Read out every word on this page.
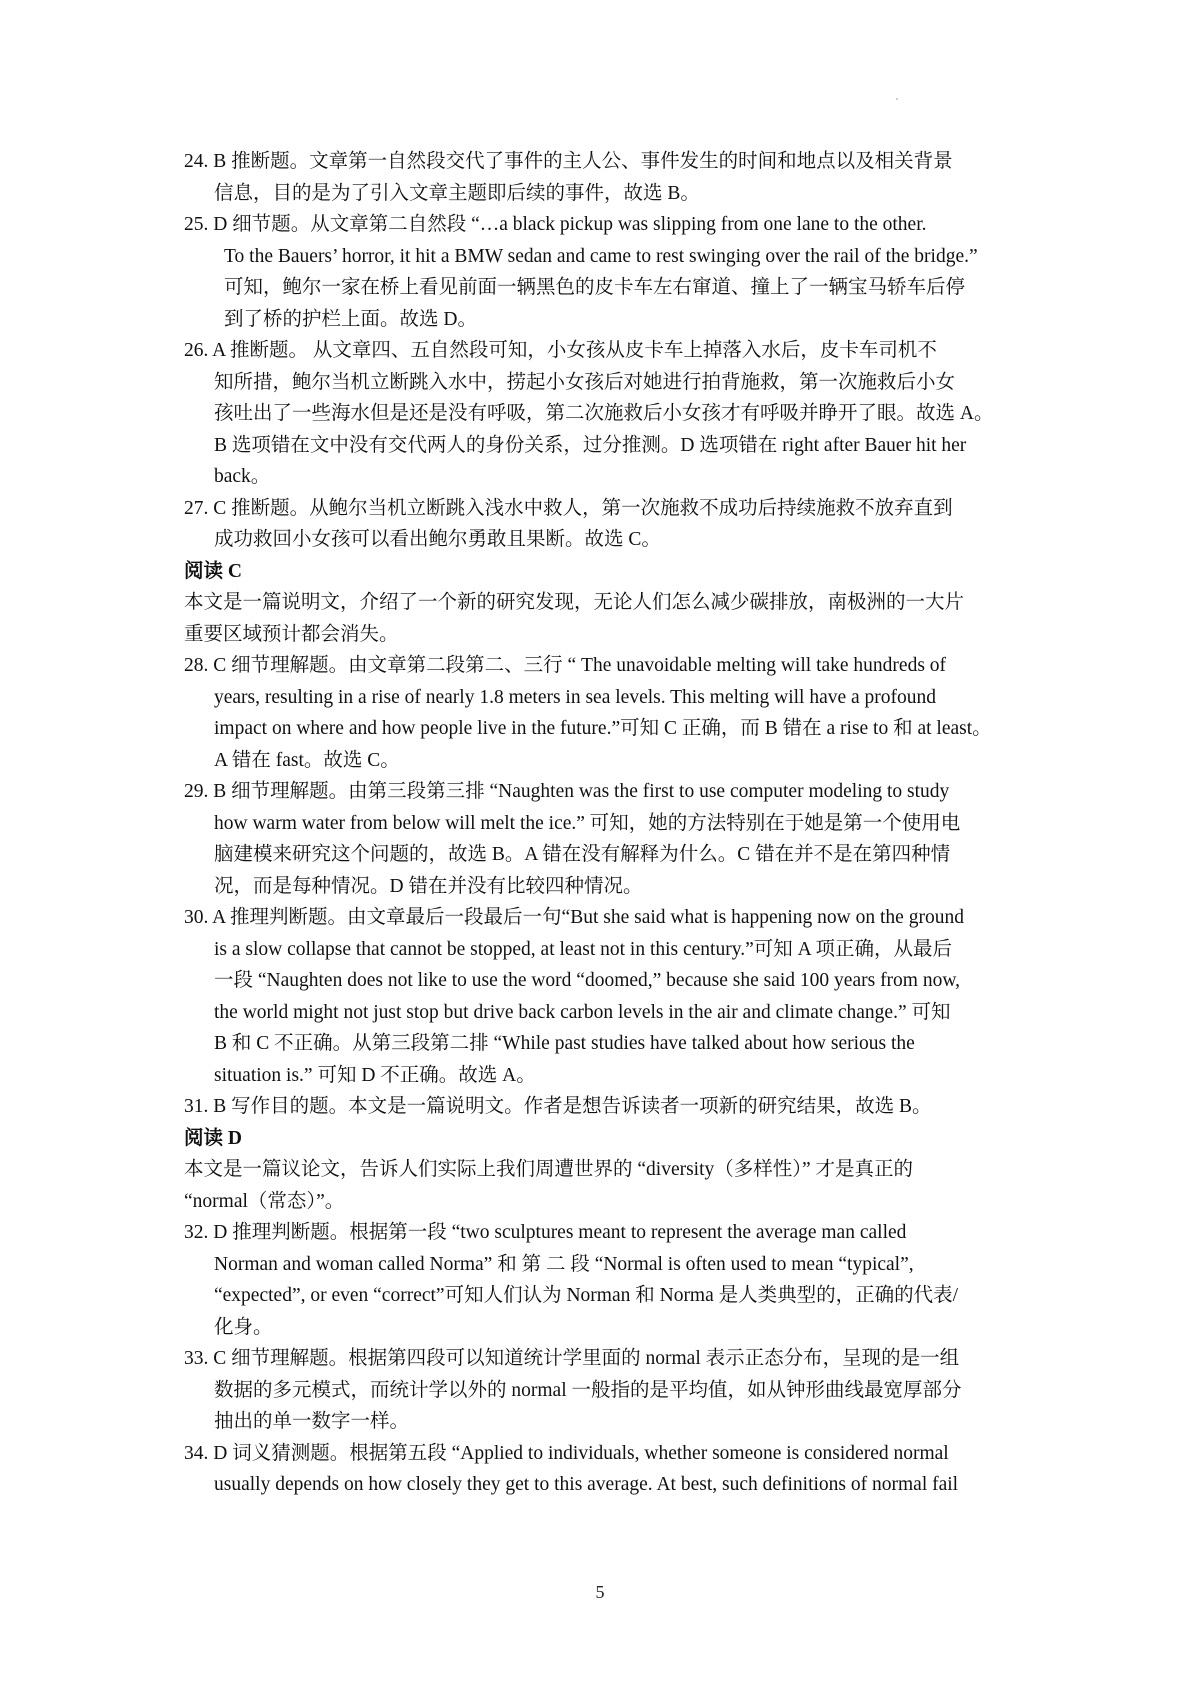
24. B 推断题。文章第一自然段交代了事件的主人公、事件发生的时间和地点以及相关背景
信息，目的是为了引入文章主题即后续的事件，故选 B。
25. D 细节题。从文章第二自然段 “…a black pickup was slipping from one lane to the other.
To the Bauers’ horror, it hit a BMW sedan and came to rest swinging over the rail of the bridge.”
可知，鲍尔一家在桥上看见前面一辆黑色的皮卡车左右窜道、撞上了一辆宝马轿车后停
到了桥的护栏上面。故选 D。
26. A 推断题。 从文章四、五自然段可知，小女孩从皮卡车上掉落入水后，皮卡车司机不
知所措，鲍尔当机立断跳入水中，捞起小女孩后对她进行拍背施救，第一次施救后小女
孩吐出了一些海水但是还是没有呼吸，第二次施救后小女孩才有呼吸并睁开了眼。故选 A。
B 选项错在文中没有交代两人的身份关系，过分推测。D 选项错在 right after Bauer hit her
back。
27. C 推断题。从鲍尔当机立断跳入浅水中救人，第一次施救不成功后持续施救不放弃直到
成功救回小女孩可以看出鲍尔勇敢且果断。故选 C。
阅读 C
本文是一篇说明文，介绍了一个新的研究发现，无论人们怎么减少碳排放，南极洲的一大片
重要区域预计都会消失。
28. C 细节理解题。由文章第二段第二、三行 “ The unavoidable melting will take hundreds of
years, resulting in a rise of nearly 1.8 meters in sea levels. This melting will have a profound
impact on where and how people live in the future.”可知 C 正确，而 B 错在 a rise to 和 at least。
A 错在 fast。故选 C。
29. B 细节理解题。由第三段第三排 “Naughten was the first to use computer modeling to study
how warm water from below will melt the ice.” 可知，她的方法特别在于她是第一个使用电
脑建模来研究这个问题的，故选 B。A 错在没有解释为什么。C 错在并不是在第四种情
况，而是每种情况。D 错在并没有比较四种情况。
30. A 推理判断题。由文章最后一段最后一句“But she said what is happening now on the ground
is a slow collapse that cannot be stopped, at least not in this century.”可知 A 项正确，从最后
一段 “Naughten does not like to use the word “doomed,” because she said 100 years from now,
the world might not just stop but drive back carbon levels in the air and climate change.” 可知
B 和 C 不正确。从第三段第二排 “While past studies have talked about how serious the
situation is.” 可知 D 不正确。故选 A。
31. B 写作目的题。本文是一篇说明文。作者是想告诉读者一项新的研究结果，故选 B。
阅读 D
本文是一篇议论文，告诉人们实际上我们周遭世界的 “diversity（多样性）” 才是真正的
“normal（常态）”。
32. D 推理判断题。根据第一段 “two sculptures meant to represent the average man called
Norman and woman called Norma” 和 第 二 段 “Normal is often used to mean “typical”,
“expected”, or even “correct”可知人们认为 Norman 和 Norma 是人类典型的，正确的代表/
化身。
33. C 细节理解题。根据第四段可以知道统计学里面的 normal 表示正态分布，呈现的是一组
数据的多元模式，而统计学以外的 normal 一般指的是平均值，如从钟形曲线最宽厚部分
抽出的单一数字一样。
34. D 词义猜测题。根据第五段 “Applied to individuals, whether someone is considered normal
usually depends on how closely they get to this average. At best, such definitions of normal fail
5
